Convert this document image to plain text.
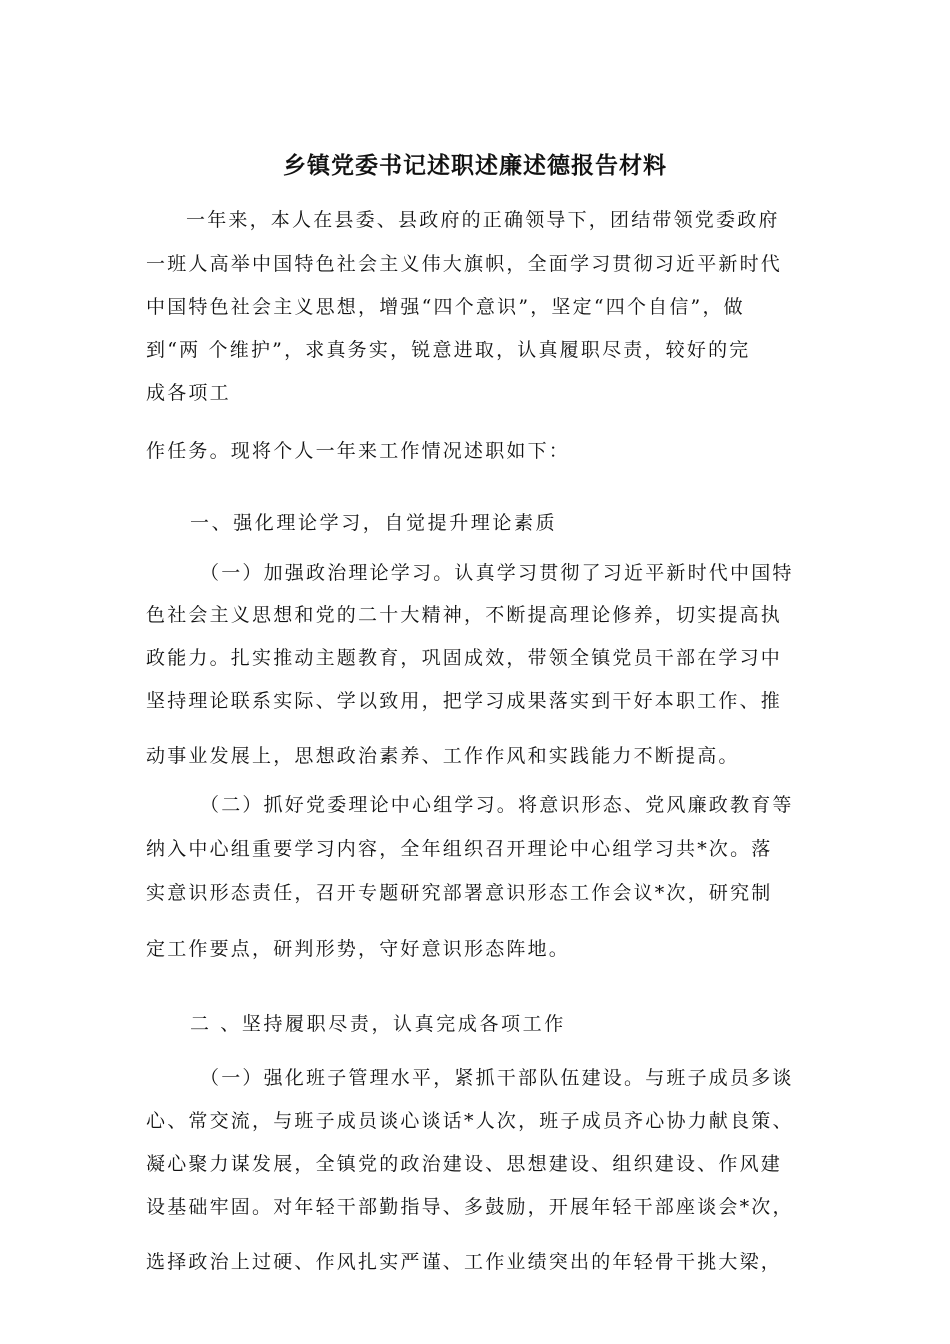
乡镇党委书记述职述廉述德报告材料
一年来，本人在县委、县政府的正确领导下，团结带领党委政府
一班人高举中国特色社会主义伟大旗帜，全面学习贯彻习近平新时代
中国特色社会主义思想，增强“四个意识”，坚定“四个自信”，做
到“两 个维护”，求真务实，锐意进取，认真履职尽责，较好的完
成各项工
作任务。现将个人一年来工作情况述职如下：
一、强化理论学习，自觉提升理论素质
（一）加强政治理论学习。认真学习贯彻了习近平新时代中国特
色社会主义思想和党的二十大精神，不断提高理论修养，切实提高执
政能力。扎实推动主题教育，巩固成效，带领全镇党员干部在学习中
坚持理论联系实际、学以致用，把学习成果落实到干好本职工作、推
动事业发展上，思想政治素养、工作作风和实践能力不断提高。
（二）抓好党委理论中心组学习。将意识形态、党风廉政教育等
纳入中心组重要学习内容，全年组织召开理论中心组学习共*次。落
实意识形态责任，召开专题研究部署意识形态工作会议*次，研究制
定工作要点，研判形势，守好意识形态阵地。
二 、坚持履职尽责，认真完成各项工作
（一）强化班子管理水平，紧抓干部队伍建设。与班子成员多谈
心、常交流，与班子成员谈心谈话*人次，班子成员齐心协力献良策、
凝心聚力谋发展，全镇党的政治建设、思想建设、组织建设、作风建
设基础牢固。对年轻干部勤指导、多鼓励，开展年轻干部座谈会*次，
选择政治上过硬、作风扎实严谨、工作业绩突出的年轻骨干挑大梁，
